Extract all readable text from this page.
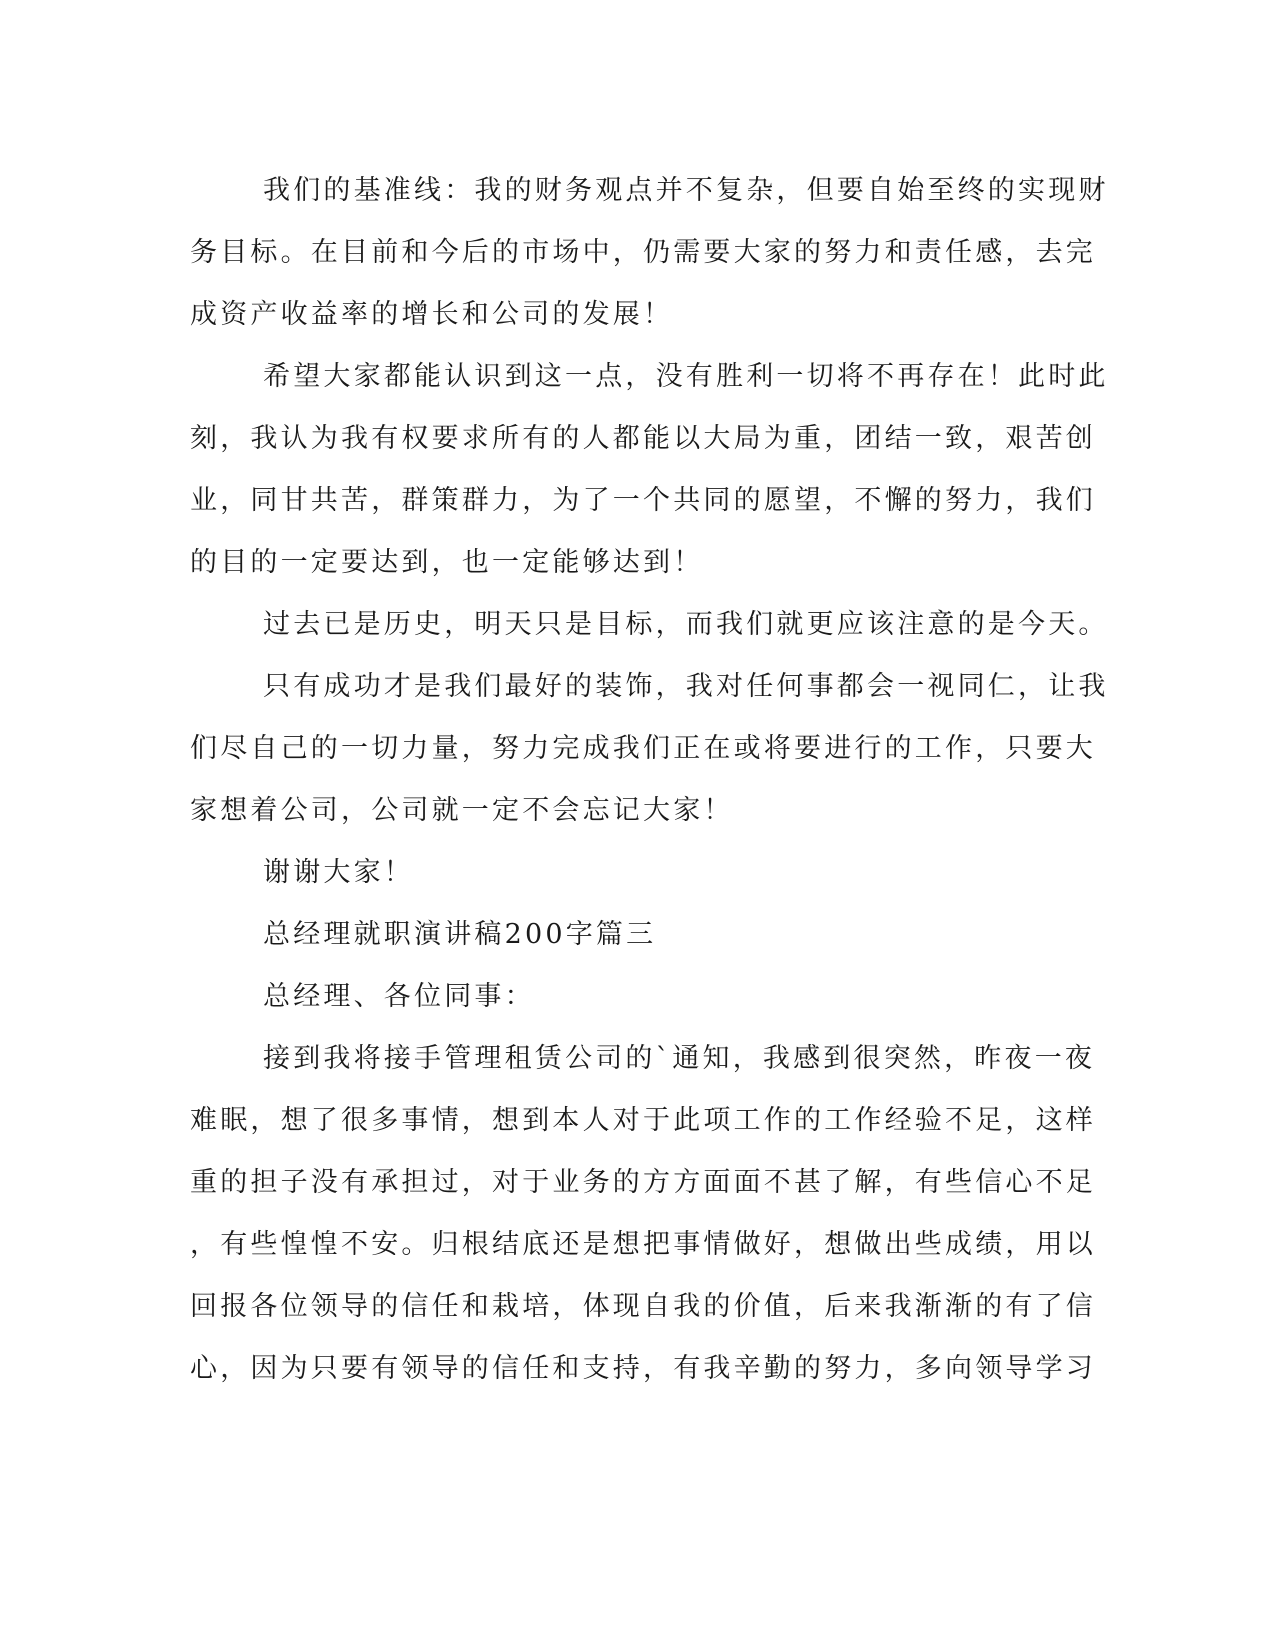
我们的基准线：我的财务观点并不复杂，但要自始至终的实现财
务目标。在目前和今后的市场中，仍需要大家的努力和责任感，去完
成资产收益率的增长和公司的发展！
希望大家都能认识到这一点，没有胜利一切将不再存在！此时此
刻，我认为我有权要求所有的人都能以大局为重，团结一致，艰苦创
业，同甘共苦，群策群力，为了一个共同的愿望，不懈的努力，我们
的目的一定要达到，也一定能够达到！
过去已是历史，明天只是目标，而我们就更应该注意的是今天。
只有成功才是我们最好的装饰，我对任何事都会一视同仁，让我
们尽自己的一切力量，努力完成我们正在或将要进行的工作，只要大
家想着公司，公司就一定不会忘记大家！
谢谢大家！
总经理就职演讲稿200字篇三
总经理、各位同事：
接到我将接手管理租赁公司的`通知，我感到很突然，昨夜一夜
难眠，想了很多事情，想到本人对于此项工作的工作经验不足，这样
重的担子没有承担过，对于业务的方方面面不甚了解，有些信心不足
，有些惶惶不安。归根结底还是想把事情做好，想做出些成绩，用以
回报各位领导的信任和栽培，体现自我的价值，后来我渐渐的有了信
心，因为只要有领导的信任和支持，有我辛勤的努力，多向领导学习
